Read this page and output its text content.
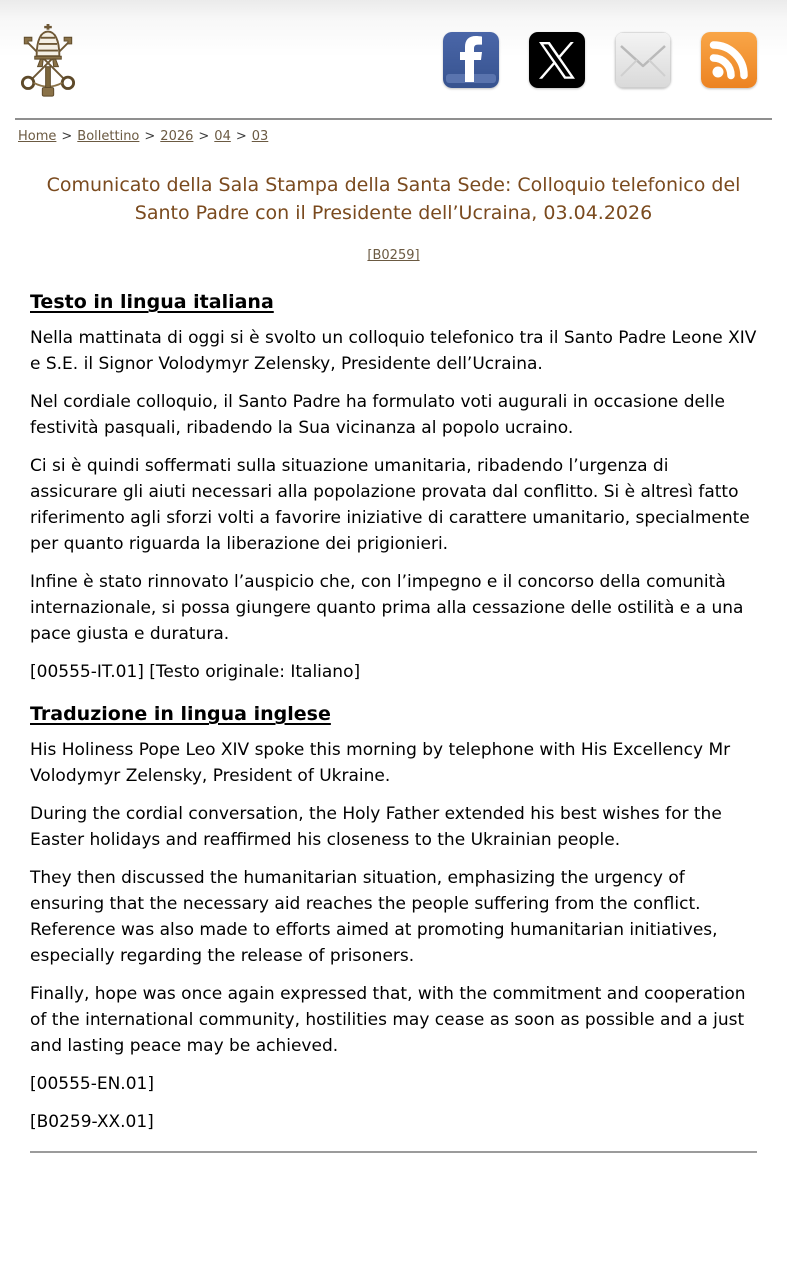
Home > Bollettino > 2026 > 04 > 03
Comunicato della Sala Stampa della Santa Sede: Colloquio telefonico del Santo Padre con il Presidente dell’Ucraina, 03.04.2026
[B0259]
Testo in lingua italiana

Nella mattinata di oggi si è svolto un colloquio telefonico tra il Santo Padre Leone XIV e S.E. il Signor Volodymyr Zelensky, Presidente dell’Ucraina.

Nel cordiale colloquio, il Santo Padre ha formulato voti augurali in occasione delle festività pasquali, ribadendo la Sua vicinanza al popolo ucraino.

Ci si è quindi soffermati sulla situazione umanitaria, ribadendo l’urgenza di assicurare gli aiuti necessari alla popolazione provata dal conflitto. Si è altresì fatto riferimento agli sforzi volti a favorire iniziative di carattere umanitario, specialmente per quanto riguarda la liberazione dei prigionieri.

Infine è stato rinnovato l’auspicio che, con l’impegno e il concorso della comunità internazionale, si possa giungere quanto prima alla cessazione delle ostilità e a una pace giusta e duratura.

[00555-IT.01] [Testo originale: Italiano]

Traduzione in lingua inglese

His Holiness Pope Leo XIV spoke this morning by telephone with His Excellency Mr Volodymyr Zelensky, President of Ukraine.

During the cordial conversation, the Holy Father extended his best wishes for the Easter holidays and reaffirmed his closeness to the Ukrainian people.

They then discussed the humanitarian situation, emphasizing the urgency of ensuring that the necessary aid reaches the people suffering from the conflict. Reference was also made to efforts aimed at promoting humanitarian initiatives, especially regarding the release of prisoners.

Finally, hope was once again expressed that, with the commitment and cooperation of the international community, hostilities may cease as soon as possible and a just and lasting peace may be achieved.

[00555-EN.01]

[B0259-XX.01]
